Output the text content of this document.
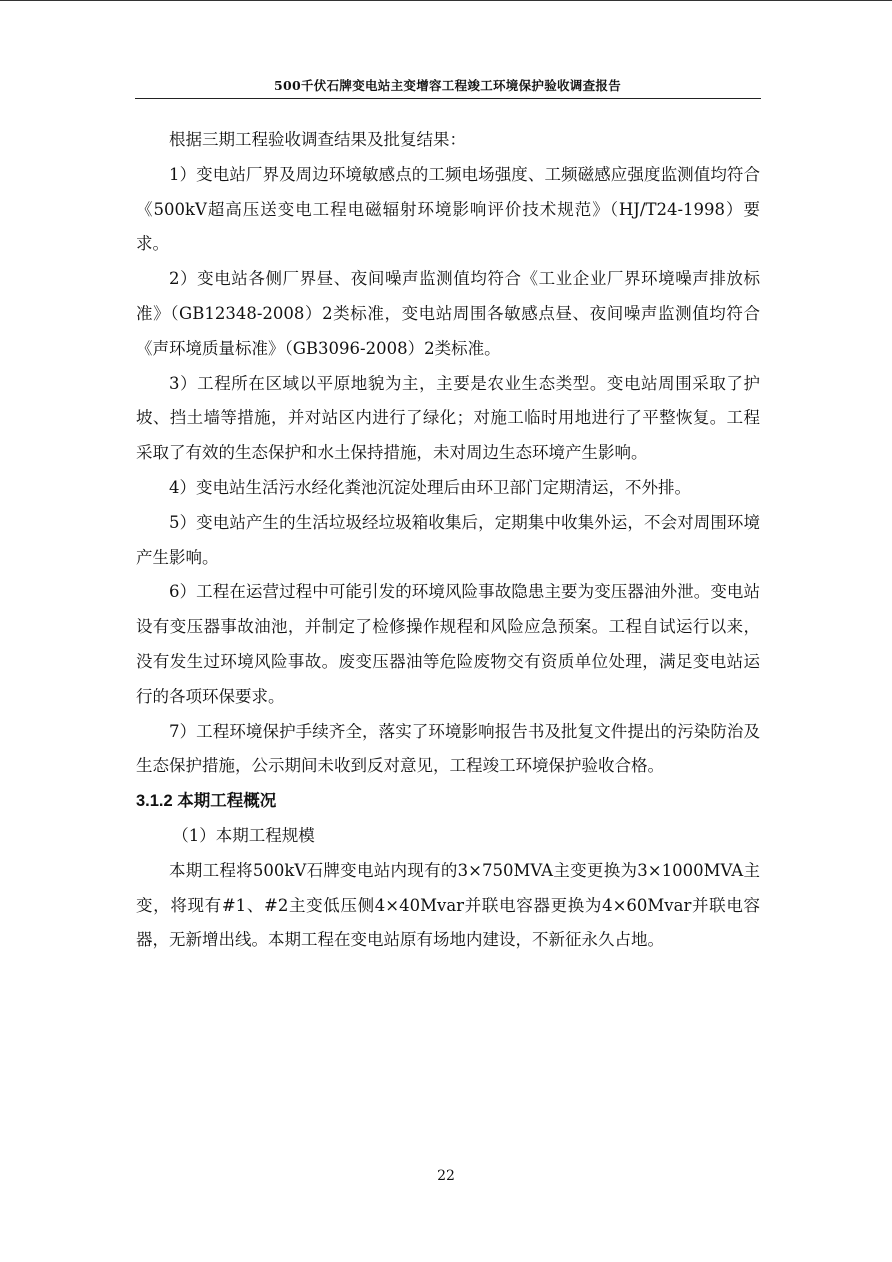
500千伏石牌变电站主变增容工程竣工环境保护验收调查报告

根据三期工程验收调查结果及批复结果：

1）变电站厂界及周边环境敏感点的工频电场强度、工频磁感应强度监测值均符合《500kV超高压送变电工程电磁辐射环境影响评价技术规范》（HJ/T24-1998）要求。

2）变电站各侧厂界昼、夜间噪声监测值均符合《工业企业厂界环境噪声排放标准》（GB12348-2008）2类标准，变电站周围各敏感点昼、夜间噪声监测值均符合《声环境质量标准》（GB3096-2008）2类标准。

3）工程所在区域以平原地貌为主，主要是农业生态类型。变电站周围采取了护坡、挡土墙等措施，并对站区内进行了绿化；对施工临时用地进行了平整恢复。工程采取了有效的生态保护和水土保持措施，未对周边生态环境产生影响。

4）变电站生活污水经化粪池沉淀处理后由环卫部门定期清运，不外排。

5）变电站产生的生活垃圾经垃圾箱收集后，定期集中收集外运，不会对周围环境产生影响。

6）工程在运营过程中可能引发的环境风险事故隐患主要为变压器油外泄。变电站设有变压器事故油池，并制定了检修操作规程和风险应急预案。工程自试运行以来，没有发生过环境风险事故。废变压器油等危险废物交有资质单位处理，满足变电站运行的各项环保要求。

7）工程环境保护手续齐全，落实了环境影响报告书及批复文件提出的污染防治及生态保护措施，公示期间未收到反对意见，工程竣工环境保护验收合格。

3.1.2 本期工程概况

（1）本期工程规模

本期工程将500kV石牌变电站内现有的3×750MVA主变更换为3×1000MVA主变，将现有#1、#2主变低压侧4×40Mvar并联电容器更换为4×60Mvar并联电容器，无新增出线。本期工程在变电站原有场地内建设，不新征永久占地。

22
